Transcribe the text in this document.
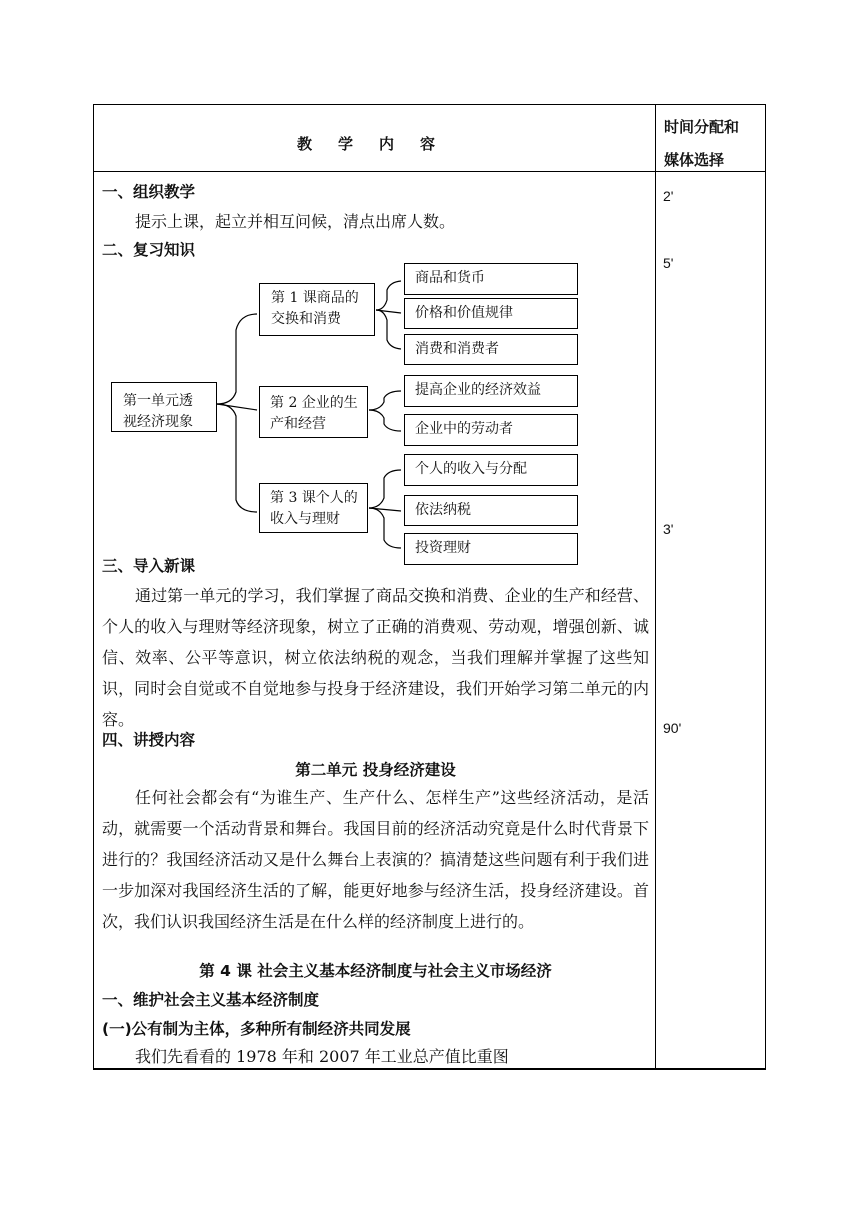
教学内容
时间分配和
媒体选择
2'
5'
3'
90'
一、组织教学
提示上课，起立并相互问候，清点出席人数。
二、复习知识
第一单元透
视经济现象
第 1 课商品的
交换和消费
第 2 企业的生
产和经营
第 3 课个人的
收入与理财
商品和货币
价格和价值规律
消费和消费者
提高企业的经济效益
企业中的劳动者
个人的收入与分配
依法纳税
投资理财
三、导入新课

通过第一单元的学习，我们掌握了商品交换和消费、企业的生产和经营、个人的收入与理财等经济现象，树立了正确的消费观、劳动观，增强创新、诚信、效率、公平等意识，树立依法纳税的观念，当我们理解并掌握了这些知识，同时会自觉或不自觉地参与投身于经济建设，我们开始学习第二单元的内容。

四、讲授内容
第二单元 投身经济建设

任何社会都会有“为谁生产、生产什么、怎样生产”这些经济活动，是活动，就需要一个活动背景和舞台。我国目前的经济活动究竟是什么时代背景下进行的？我国经济活动又是什么舞台上表演的？搞清楚这些问题有利于我们进一步加深对我国经济生活的了解，能更好地参与经济生活，投身经济建设。首次，我们认识我国经济生活是在什么样的经济制度上进行的。

第 4 课 社会主义基本经济制度与社会主义市场经济
一、维护社会主义基本经济制度
(一)公有制为主体，多种所有制经济共同发展
我们先看看的 1978 年和 2007 年工业总产值比重图
